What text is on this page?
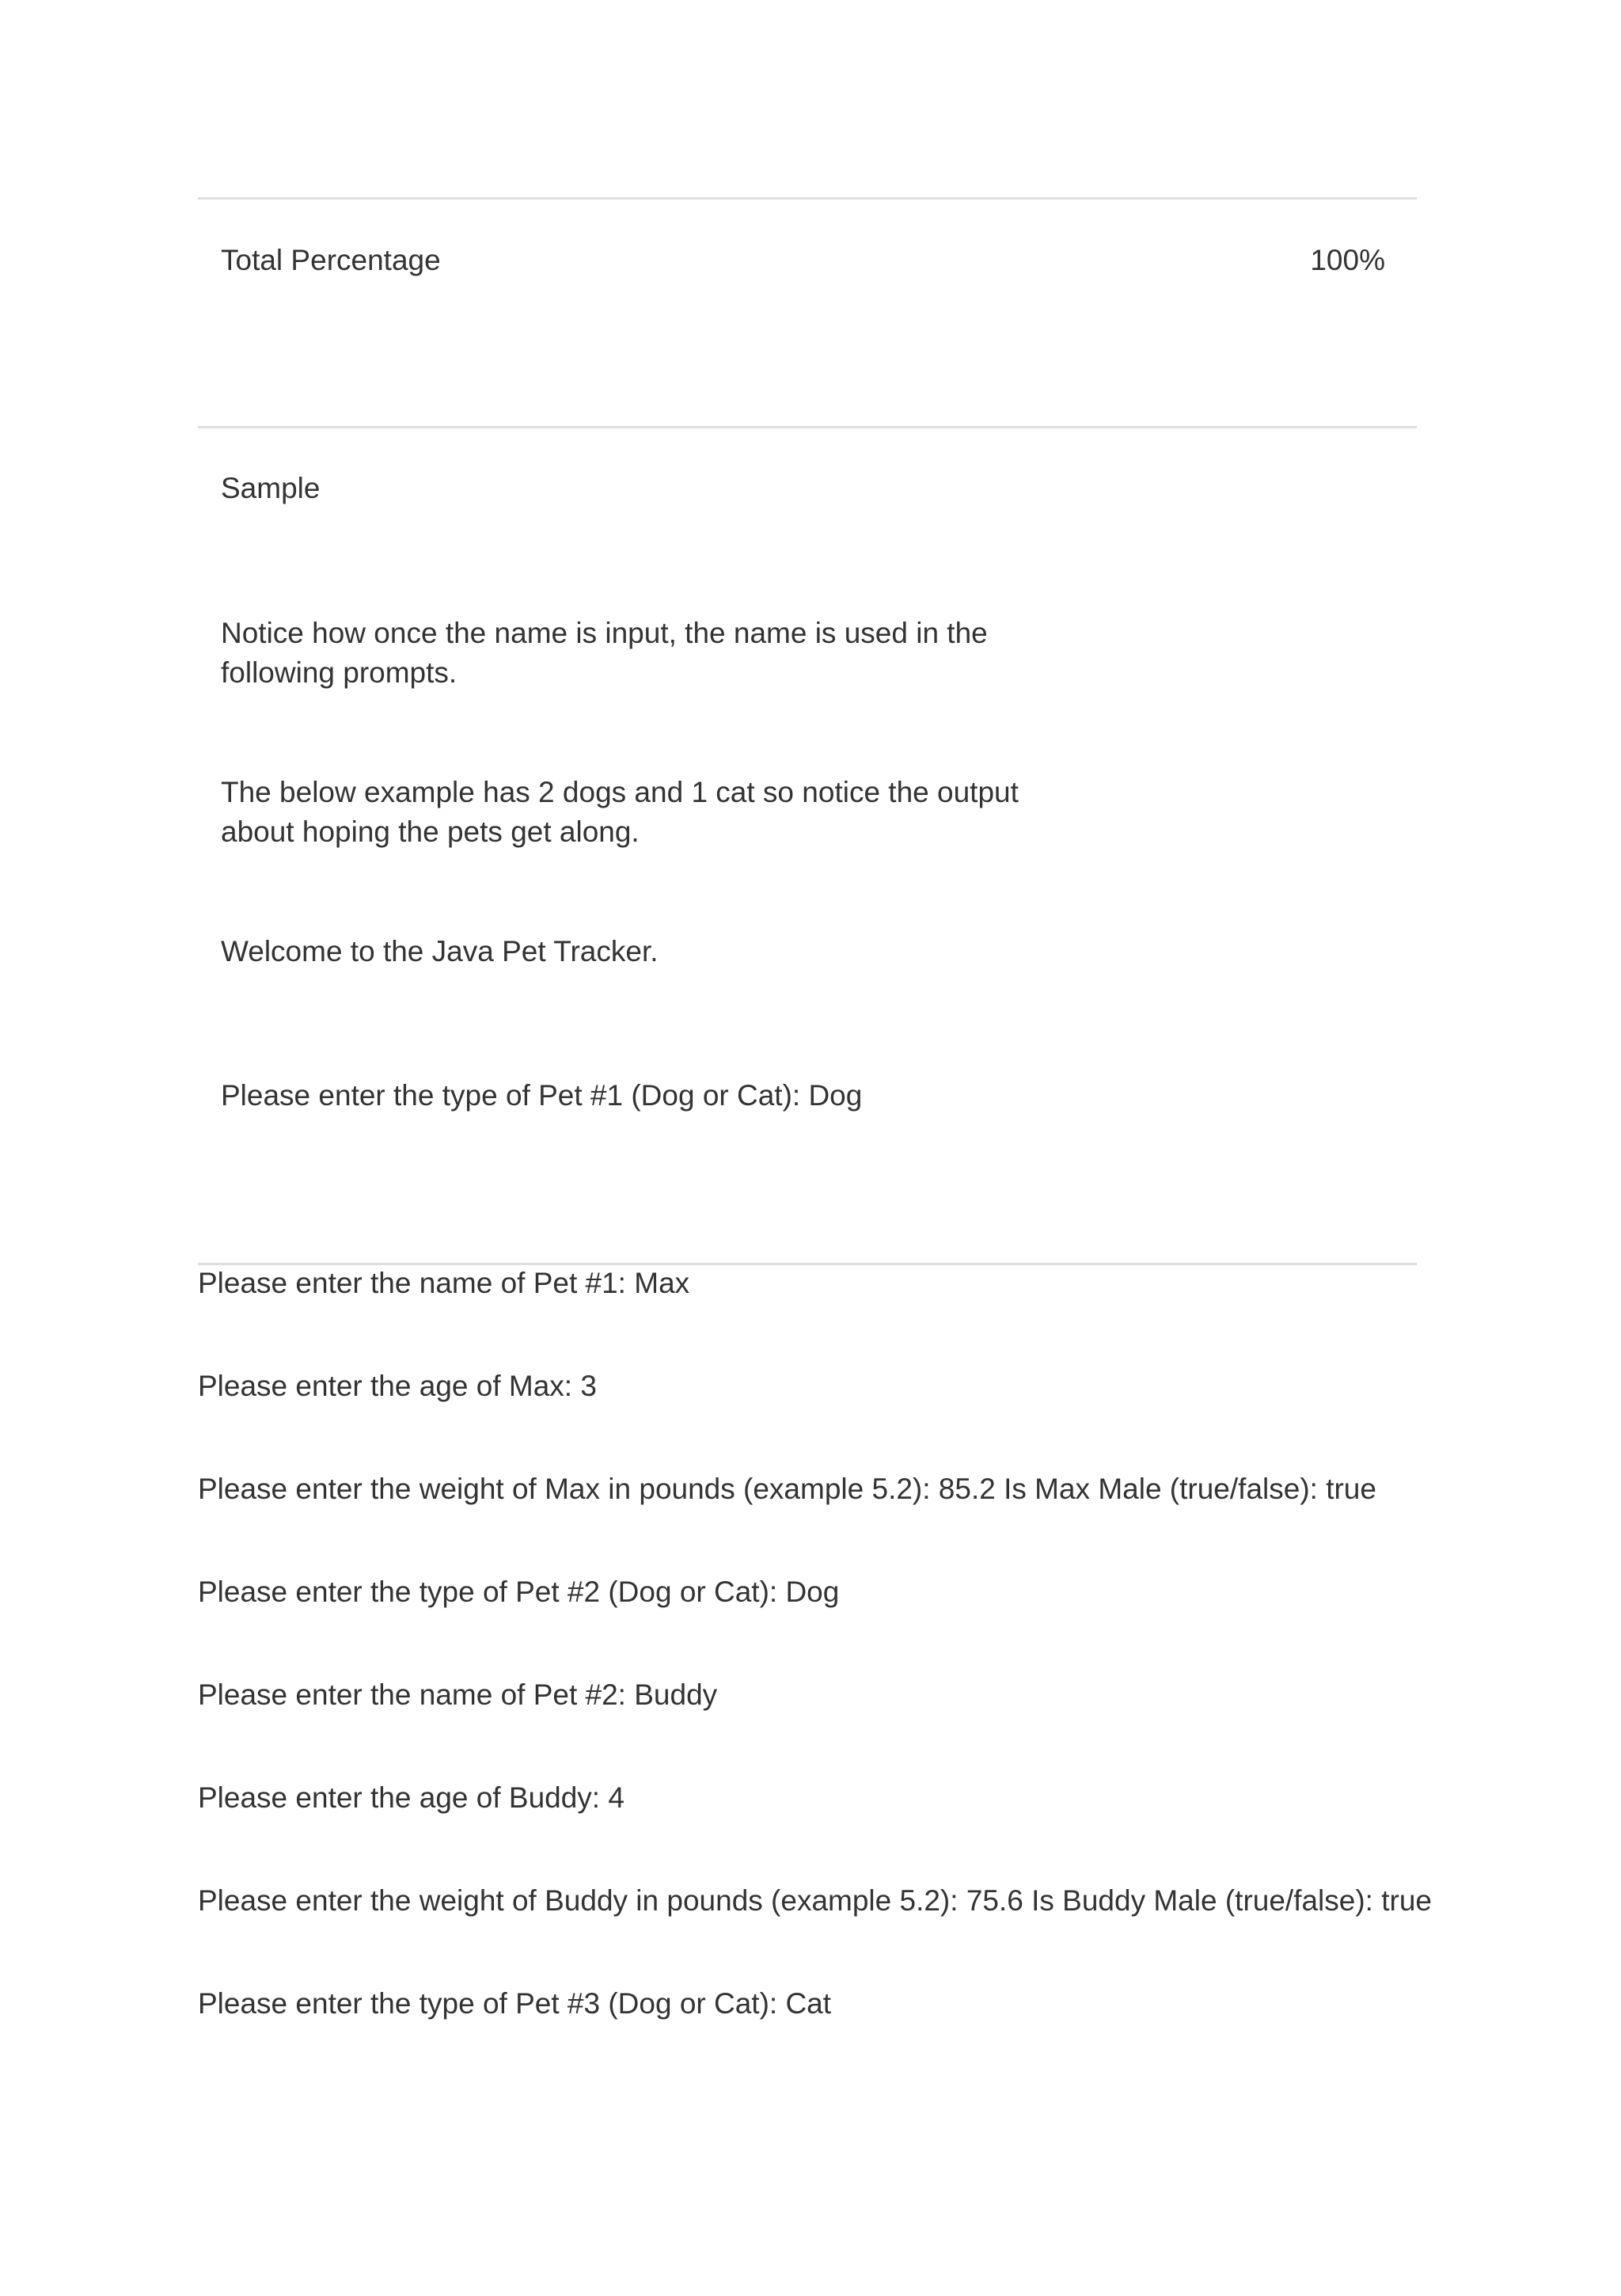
Total Percentage	100%
Sample
Notice how once the name is input, the name is used in the
following prompts.
The below example has 2 dogs and 1 cat so notice the output
about hoping the pets get along.
Welcome to the Java Pet Tracker.
Please enter the type of Pet #1 (Dog or Cat): Dog
Please enter the name of Pet #1: Max
Please enter the age of Max: 3
Please enter the weight of Max in pounds (example 5.2): 85.2 Is Max Male (true/false): true
Please enter the type of Pet #2 (Dog or Cat): Dog
Please enter the name of Pet #2: Buddy
Please enter the age of Buddy: 4
Please enter the weight of Buddy in pounds (example 5.2): 75.6 Is Buddy Male (true/false): true
Please enter the type of Pet #3 (Dog or Cat): Cat
